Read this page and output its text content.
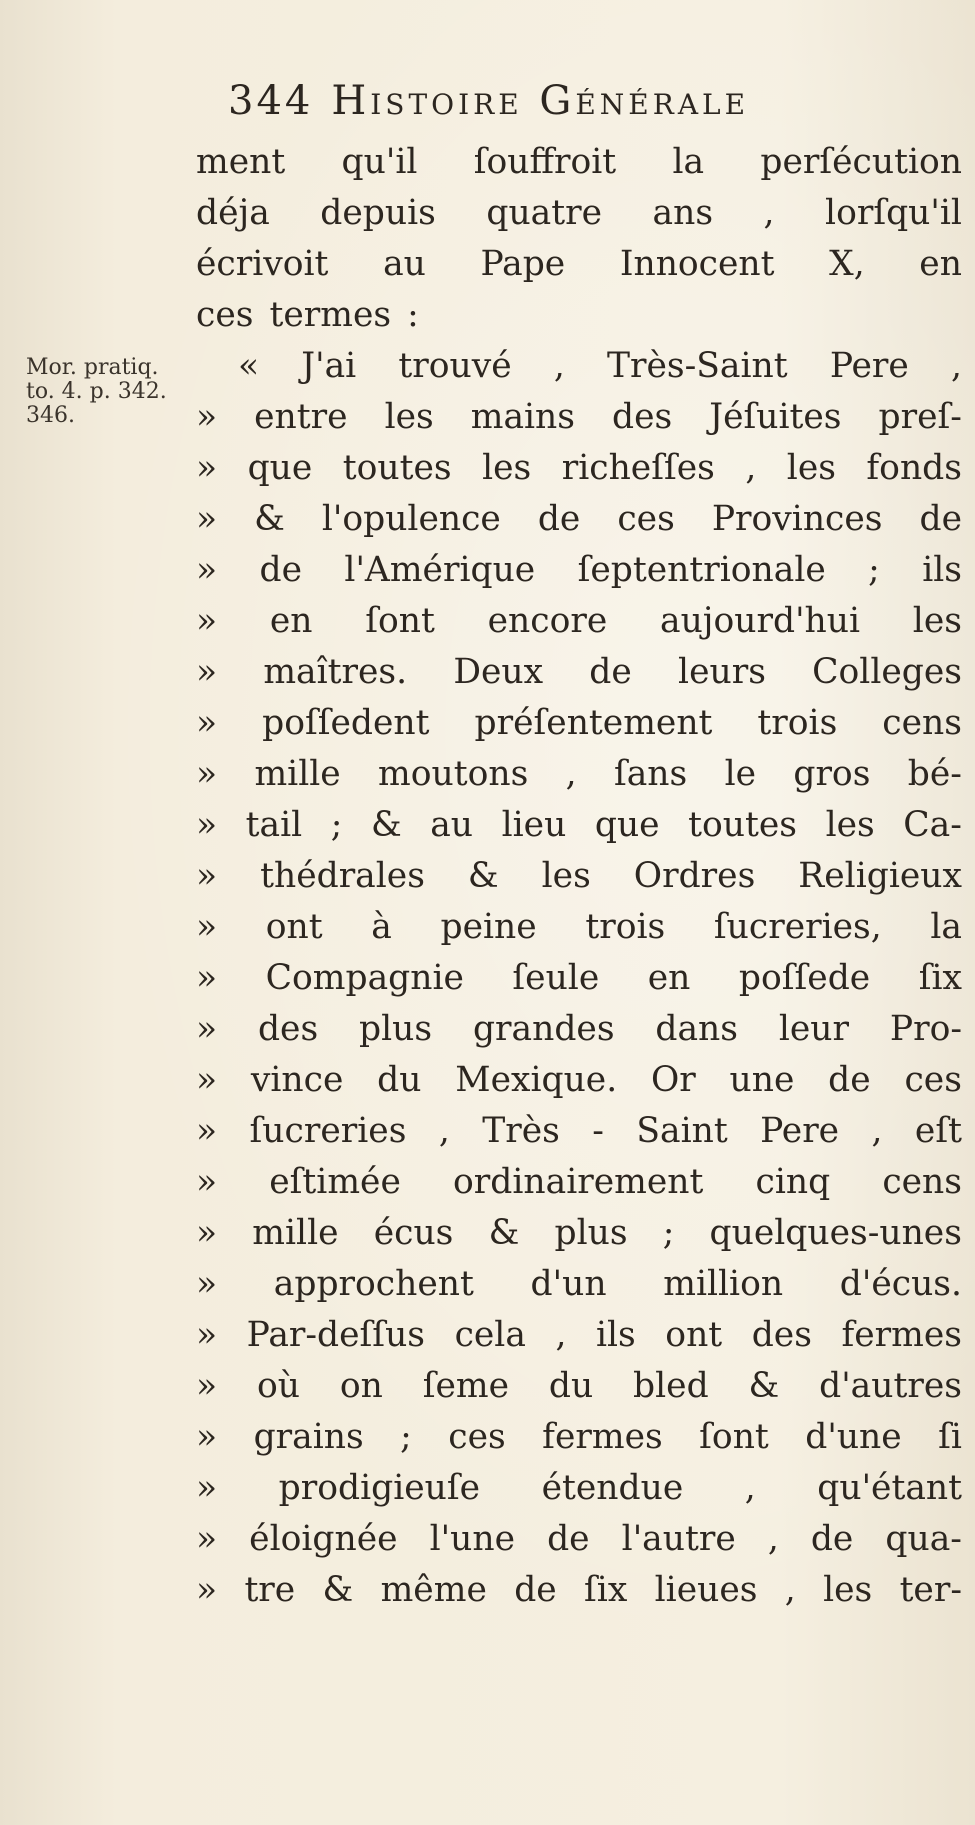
344 Histoire Générale
Mor. pratiq.
to. 4. p. 342.
346.
ment qu'il ſouffroit la perſécution
déja depuis quatre ans , lorſqu'il
écrivoit au Pape Innocent X, en
ces termes :
« J'ai trouvé , Très-Saint Pere ,
» entre les mains des Jéſuites preſ-
» que toutes les richeſſes , les fonds
» & l'opulence de ces Provinces de
» de l'Amérique ſeptentrionale ; ils
» en ſont encore aujourd'hui les
» maîtres. Deux de leurs Colleges
» poſſedent préſentement trois cens
» mille moutons , ſans le gros bé-
» tail ; & au lieu que toutes les Ca-
» thédrales & les Ordres Religieux
» ont à peine trois ſucreries, la
» Compagnie ſeule en poſſede ſix
» des plus grandes dans leur Pro-
» vince du Mexique. Or une de ces
» ſucreries , Très - Saint Pere , eſt
» eſtimée ordinairement cinq cens
» mille écus & plus ; quelques-unes
» approchent d'un million d'écus.
» Par-deſſus cela , ils ont des fermes
» où on ſeme du bled & d'autres
» grains ; ces fermes ſont d'une ſi
» prodigieuſe étendue , qu'étant
» éloignée l'une de l'autre , de qua-
» tre & même de ſix lieues , les ter-
